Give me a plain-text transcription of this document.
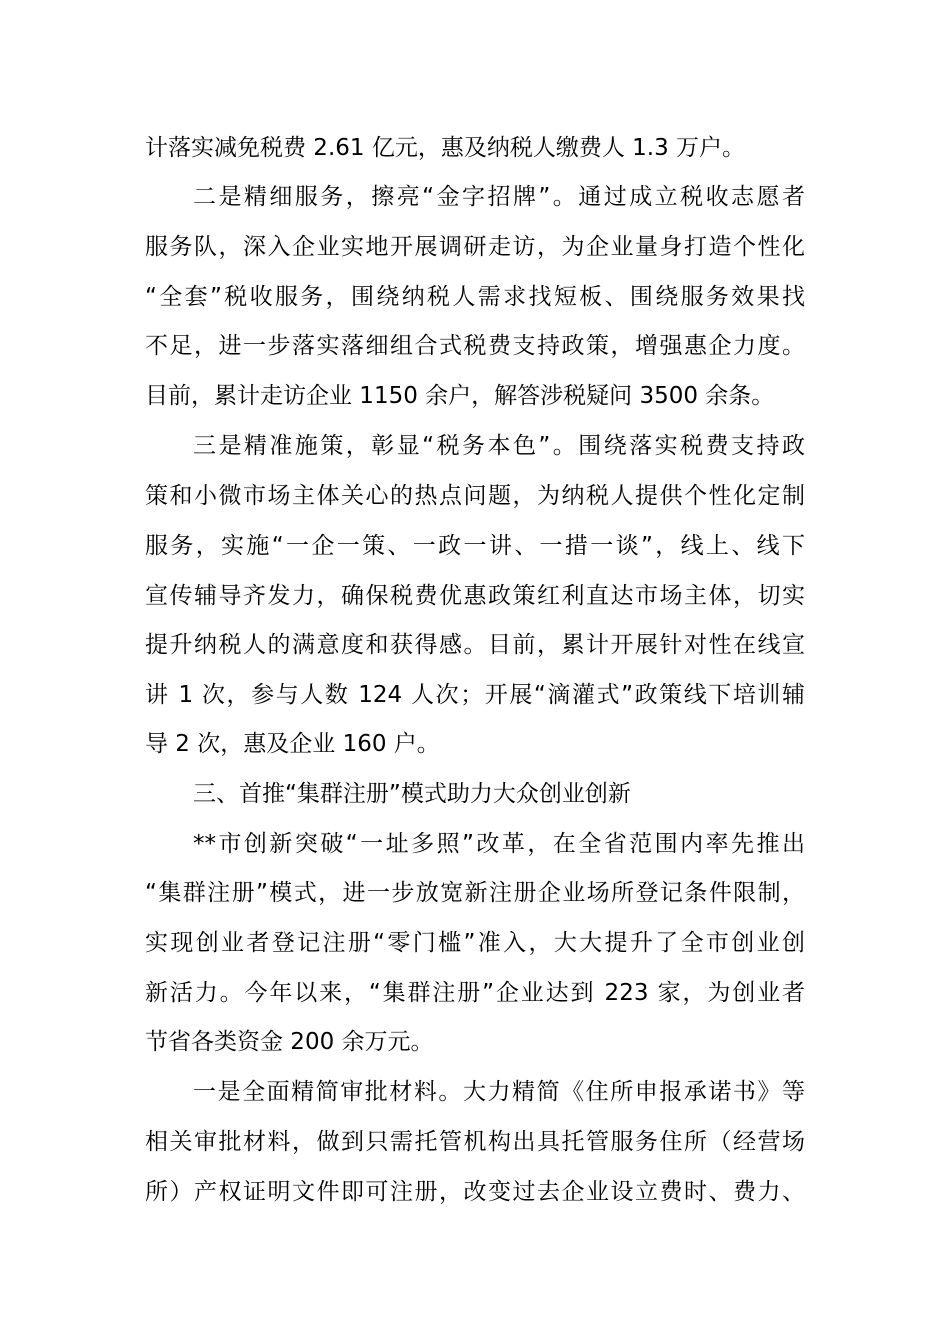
计落实减免税费 2.61 亿元，惠及纳税人缴费人 1.3 万户。
二是精细服务，擦亮“金字招牌”。通过成立税收志愿者
服务队，深入企业实地开展调研走访，为企业量身打造个性化
“全套”税收服务，围绕纳税人需求找短板、围绕服务效果找
不足，进一步落实落细组合式税费支持政策，增强惠企力度。
目前，累计走访企业 1150 余户，解答涉税疑问 3500 余条。
三是精准施策，彰显“税务本色”。围绕落实税费支持政
策和小微市场主体关心的热点问题，为纳税人提供个性化定制
服务，实施“一企一策、一政一讲、一措一谈”，线上、线下
宣传辅导齐发力，确保税费优惠政策红利直达市场主体，切实
提升纳税人的满意度和获得感。目前，累计开展针对性在线宣
讲 1 次，参与人数 124 人次；开展“滴灌式”政策线下培训辅
导 2 次，惠及企业 160 户。
三、首推“集群注册”模式助力大众创业创新
**市创新突破“一址多照”改革，在全省范围内率先推出
“集群注册”模式，进一步放宽新注册企业场所登记条件限制，
实现创业者登记注册“零门槛”准入，大大提升了全市创业创
新活力。今年以来，“集群注册”企业达到 223 家，为创业者
节省各类资金 200 余万元。
一是全面精简审批材料。大力精简《住所申报承诺书》等
相关审批材料，做到只需托管机构出具托管服务住所（经营场
所）产权证明文件即可注册，改变过去企业设立费时、费力、
